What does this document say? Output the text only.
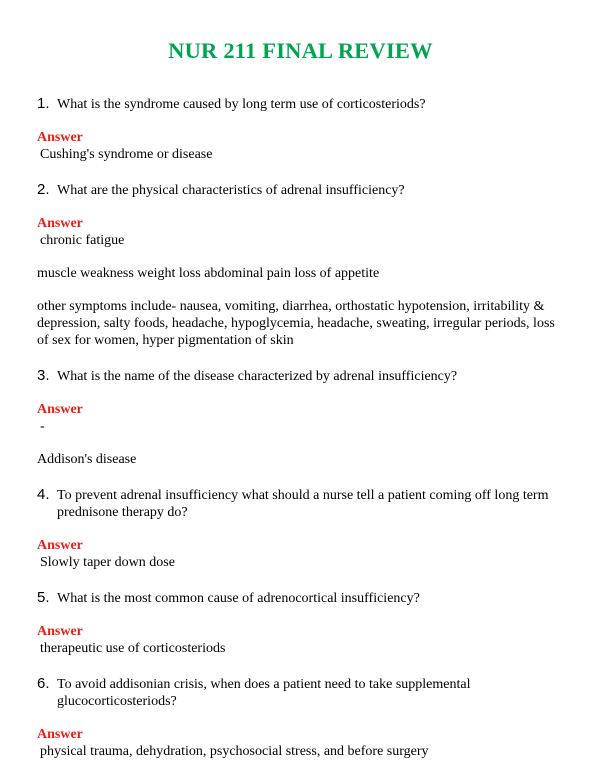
NUR 211 FINAL REVIEW
1. What is the syndrome caused by long term use of corticosteriods?
Answer
Cushing's syndrome or disease
2. What are the physical characteristics of adrenal insufficiency?
Answer
chronic fatigue
muscle weakness weight loss abdominal pain loss of appetite
other symptoms include- nausea, vomiting, diarrhea, orthostatic hypotension, irritability & depression, salty foods, headache, hypoglycemia, headache, sweating, irregular periods, loss of sex for women, hyper pigmentation of skin
3. What is the name of the disease characterized by adrenal insufficiency?
Answer
-
Addison's disease
4. To prevent adrenal insufficiency what should a nurse tell a patient coming off long term prednisone therapy do?
Answer
Slowly taper down dose
5. What is the most common cause of adrenocortical insufficiency?
Answer
therapeutic use of corticosteriods
6. To avoid addisonian crisis, when does a patient need to take supplemental glucocorticosteriods?
Answer
physical trauma, dehydration, psychosocial stress, and before surgery
